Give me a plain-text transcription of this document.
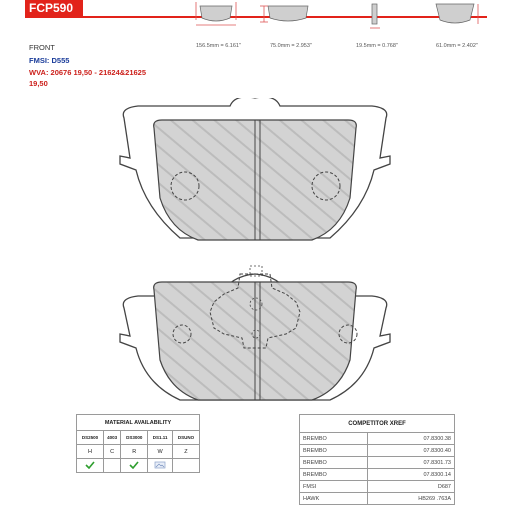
FCP590
FRONT
FMSI: D555
WVA: 20676 19,50 - 21624&21625
19,50
156.5mm = 6.161"	75.0mm = 2.953"	19.5mm = 0.768"	61.0mm = 2.402"
MATERIAL AVAILABILITY				
DS2500	4003	DS3000	DS1.11	DSUNO
H	C	R	W	Z

COMPETITOR XREF	
BREMBO	07.8300.38
BREMBO	07.8300.40
BREMBO	07.8301.73
BREMBO	07.8300.14
FMSI	D687
HAWK	HB269 .763A
